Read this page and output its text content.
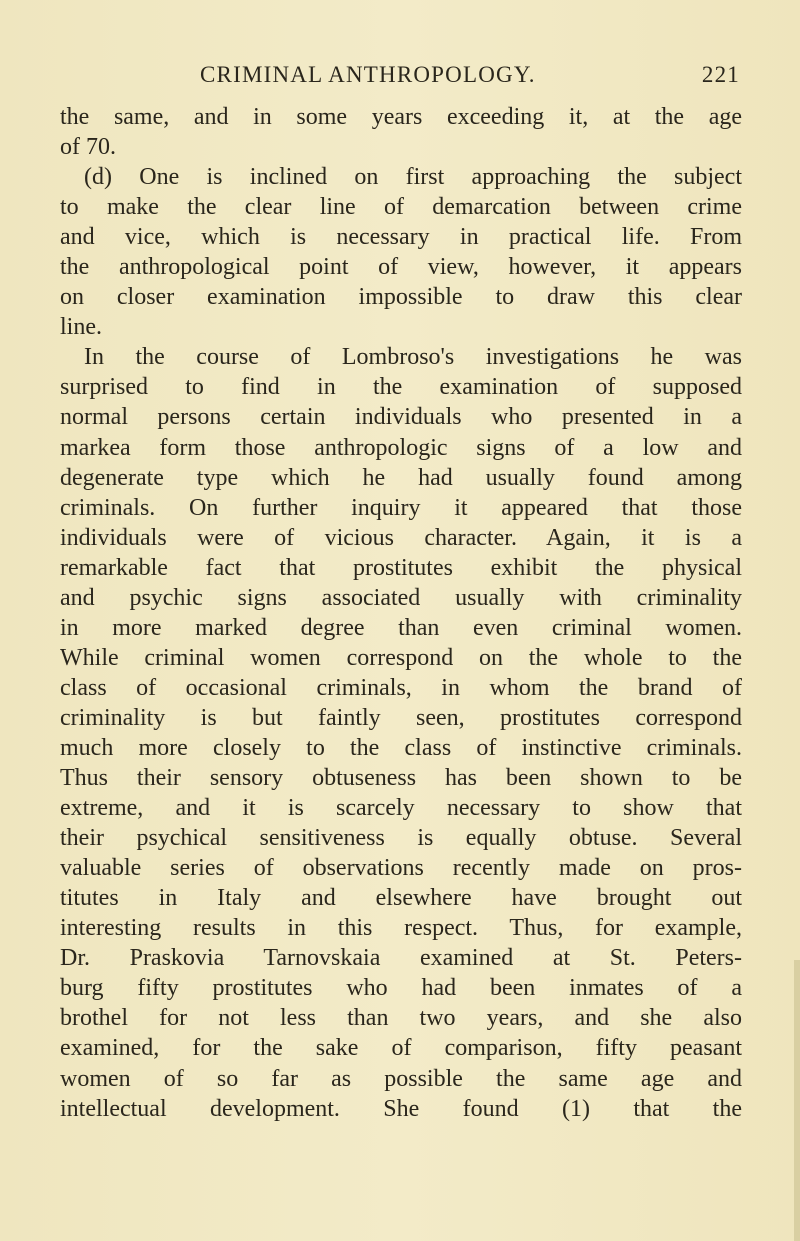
CRIMINAL ANTHROPOLOGY.	221
the same, and in some years exceeding it, at the age
of 70.
(d) One is inclined on first approaching the subject
to make the clear line of demarcation between crime
and vice, which is necessary in practical life. From
the anthropological point of view, however, it appears
on closer examination impossible to draw this clear
line.
In the course of Lombroso's investigations he was
surprised to find in the examination of supposed
normal persons certain individuals who presented in a
markea form those anthropologic signs of a low and
degenerate type which he had usually found among
criminals. On further inquiry it appeared that those
individuals were of vicious character. Again, it is a
remarkable fact that prostitutes exhibit the physical
and psychic signs associated usually with criminality
in more marked degree than even criminal women.
While criminal women correspond on the whole to the
class of occasional criminals, in whom the brand of
criminality is but faintly seen, prostitutes correspond
much more closely to the class of instinctive criminals.
Thus their sensory obtuseness has been shown to be
extreme, and it is scarcely necessary to show that
their psychical sensitiveness is equally obtuse. Several
valuable series of observations recently made on pros-
titutes in Italy and elsewhere have brought out
interesting results in this respect. Thus, for example,
Dr. Praskovia Tarnovskaia examined at St. Peters-
burg fifty prostitutes who had been inmates of a
brothel for not less than two years, and she also
examined, for the sake of comparison, fifty peasant
women of so far as possible the same age and
intellectual development. She found (1) that the
